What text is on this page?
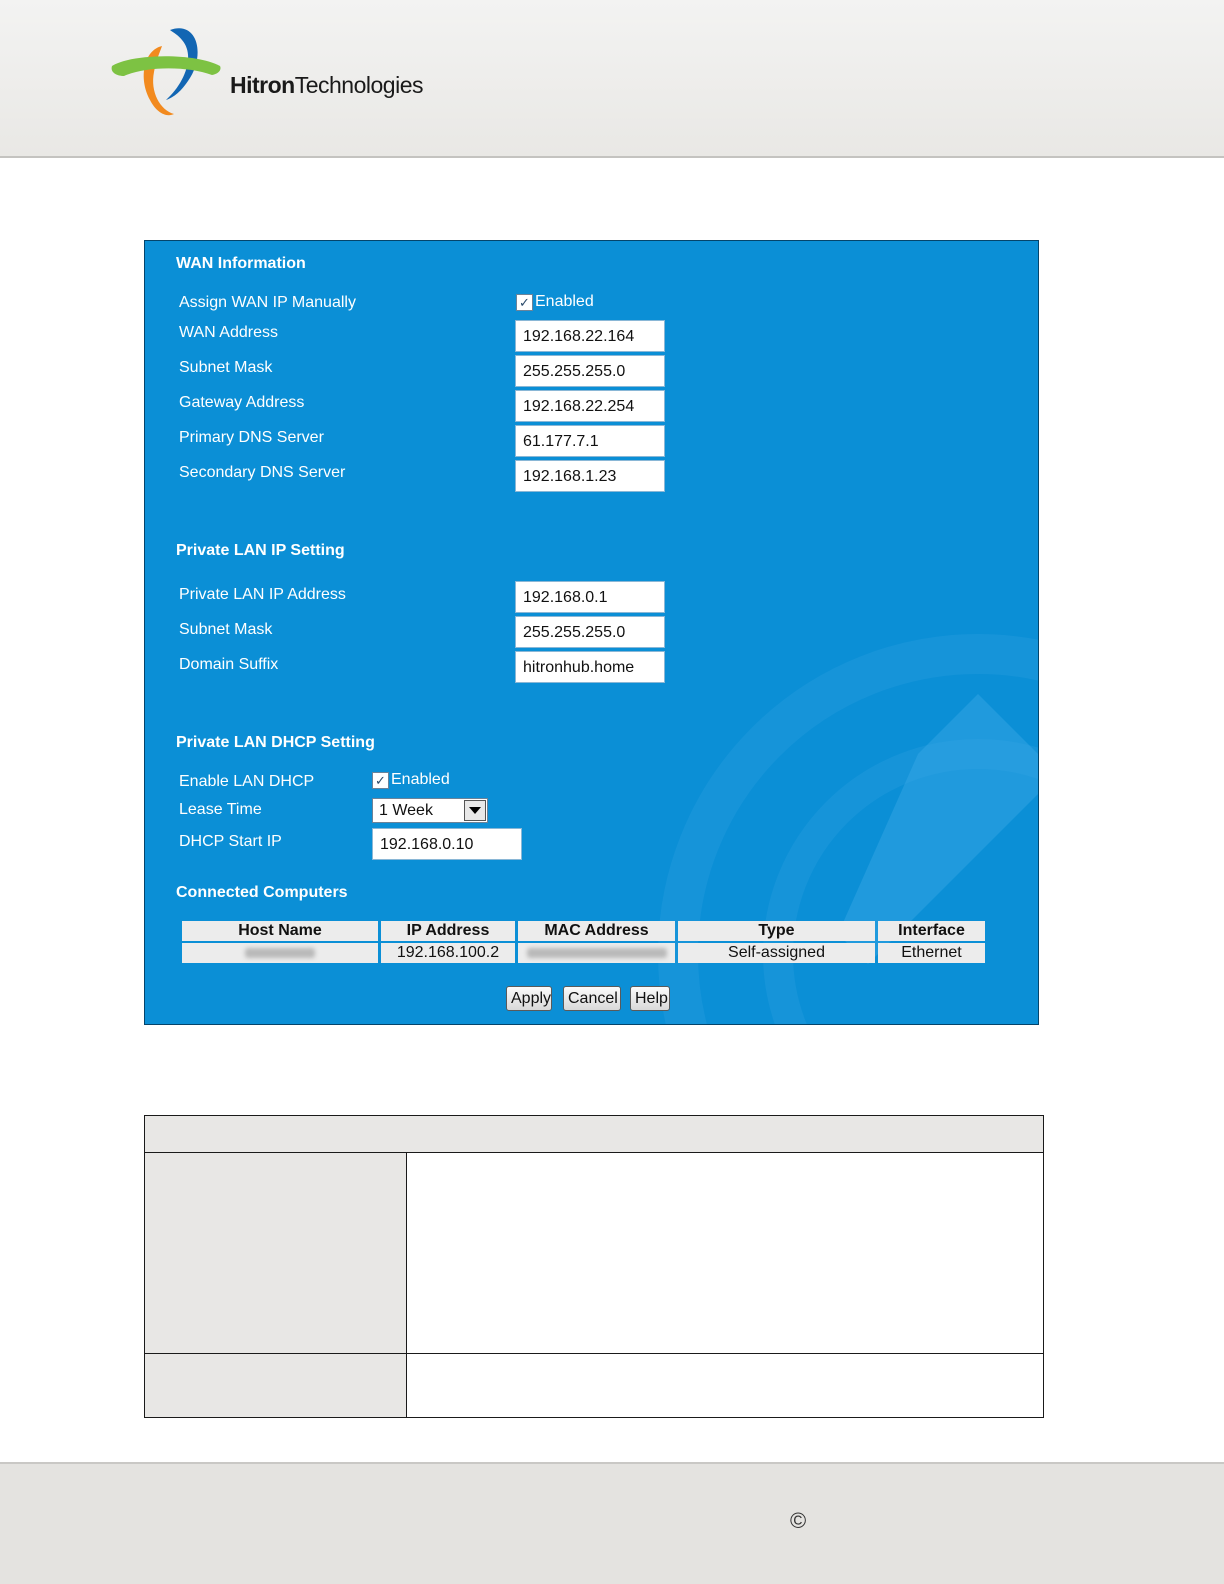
HitronTechnologies
WAN Information
Assign WAN IP Manually	✓ Enabled
WAN Address	192.168.22.164
Subnet Mask	255.255.255.0
Gateway Address	192.168.22.254
Primary DNS Server	61.177.7.1
Secondary DNS Server	192.168.1.23
Private LAN IP Setting
Private LAN IP Address	192.168.0.1
Subnet Mask	255.255.255.0
Domain Suffix	hitronhub.home
Private LAN DHCP Setting
Enable LAN DHCP	✓ Enabled
Lease Time	1 Week
DHCP Start IP	192.168.0.10
Connected Computers
Host Name	IP Address	MAC Address	Type	Interface
	192.168.100.2		Self-assigned	Ethernet
Apply	Cancel	Help
©
